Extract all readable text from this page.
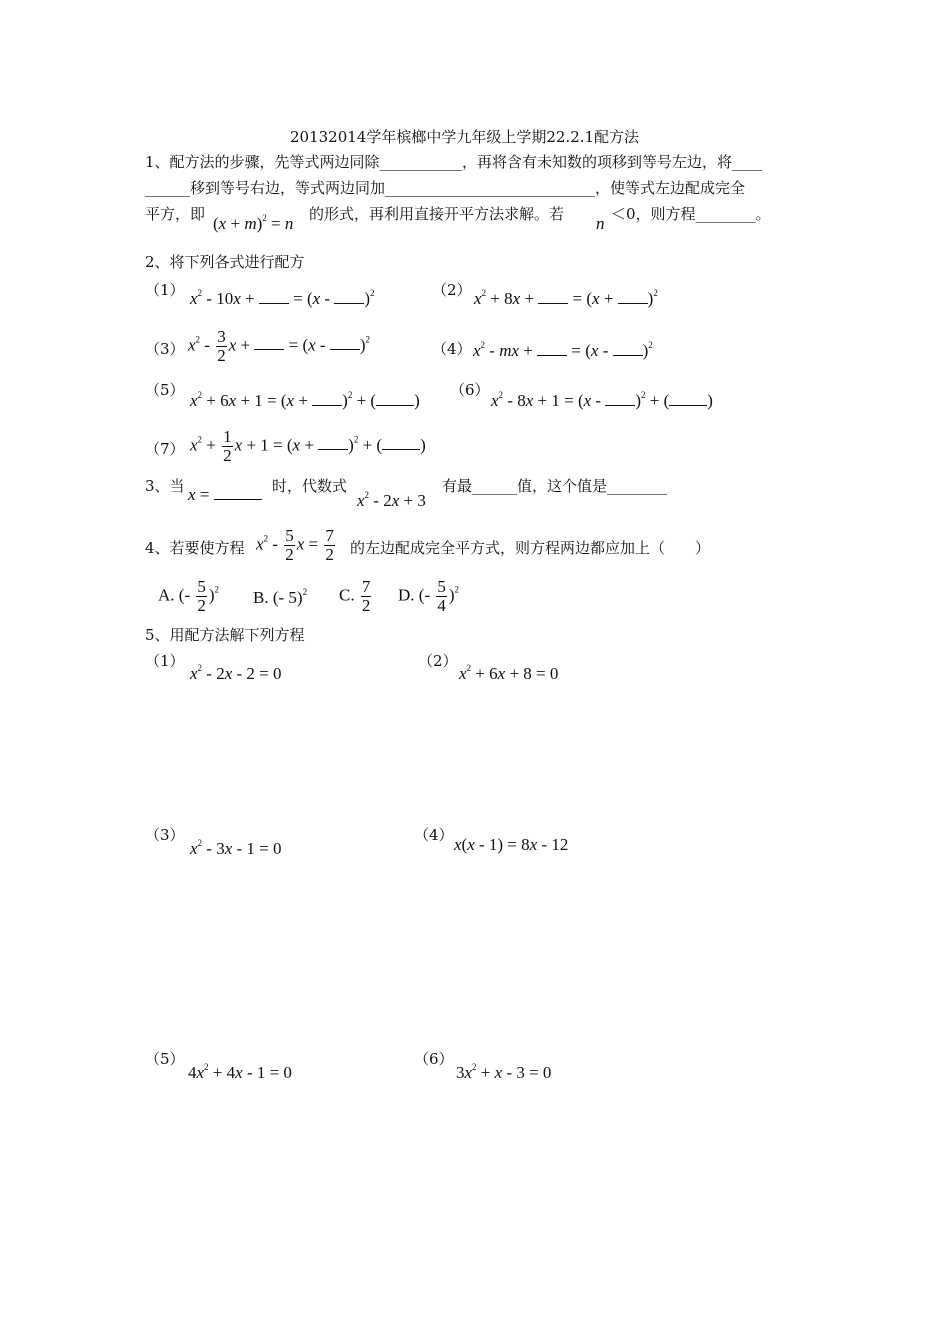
20132014学年槟榔中学九年级上学期22.2.1配方法
1、配方法的步骤，先等式两边同除___________，再将含有未知数的项移到等号左边，将____
______移到等号右边，等式两边同加____________________________，使等式左边配成完全
平方，即 $(x + m)^2 = n$ 的形式，再利用直接开平方法求解。若 n ＜0，则方程________。
2、将下列各式进行配方
（1） $x^2 - 10x$ +  = (x - )$^2$	（2） $x^2 + 8x$ +  = $(x + )^2$
（3） $x^2 - \frac{3}{2}$ x +  = (x - )$^2$
（4） $x^2$ - mx +  = (x - )$^2$
（5）
$x^2 + 6x + 1 = (x + )^2$ + ( )
（6）
$x^2 - 8x + 1 = (x - )^2$ + ( )
（7） $x^2 + \frac{1}{2}$ $x + 1 = (x + )^2$ + ( )
3、当 x =	时，代数式
$x^2 - 2x + 3$
有最______值，这个值是________
4、若要使方程 $x^2 - \frac{5}{2}$ $x = \frac{7}{2}$ 的左边配成完全平方式，则方程两边都应加上（　　）
A. (- $\frac{5}{2} )^2$ B. (- 5)$^2$ C. $\frac{7}{2} D$. (- $\frac{5}{4} )^2$
5、用配方法解下列方程
（1）
$x^2 - 2x - 2 = 0$
（2）
$x^2 + 6x + 8 = 0$
（3）
$x^2 - 3x - 1 = 0$
（4） x(x - 1) = 8x - 12
（5）
$4x^2 + 4x - 1 = 0$
（6）
$3x^2 + x - 3 = 0$
